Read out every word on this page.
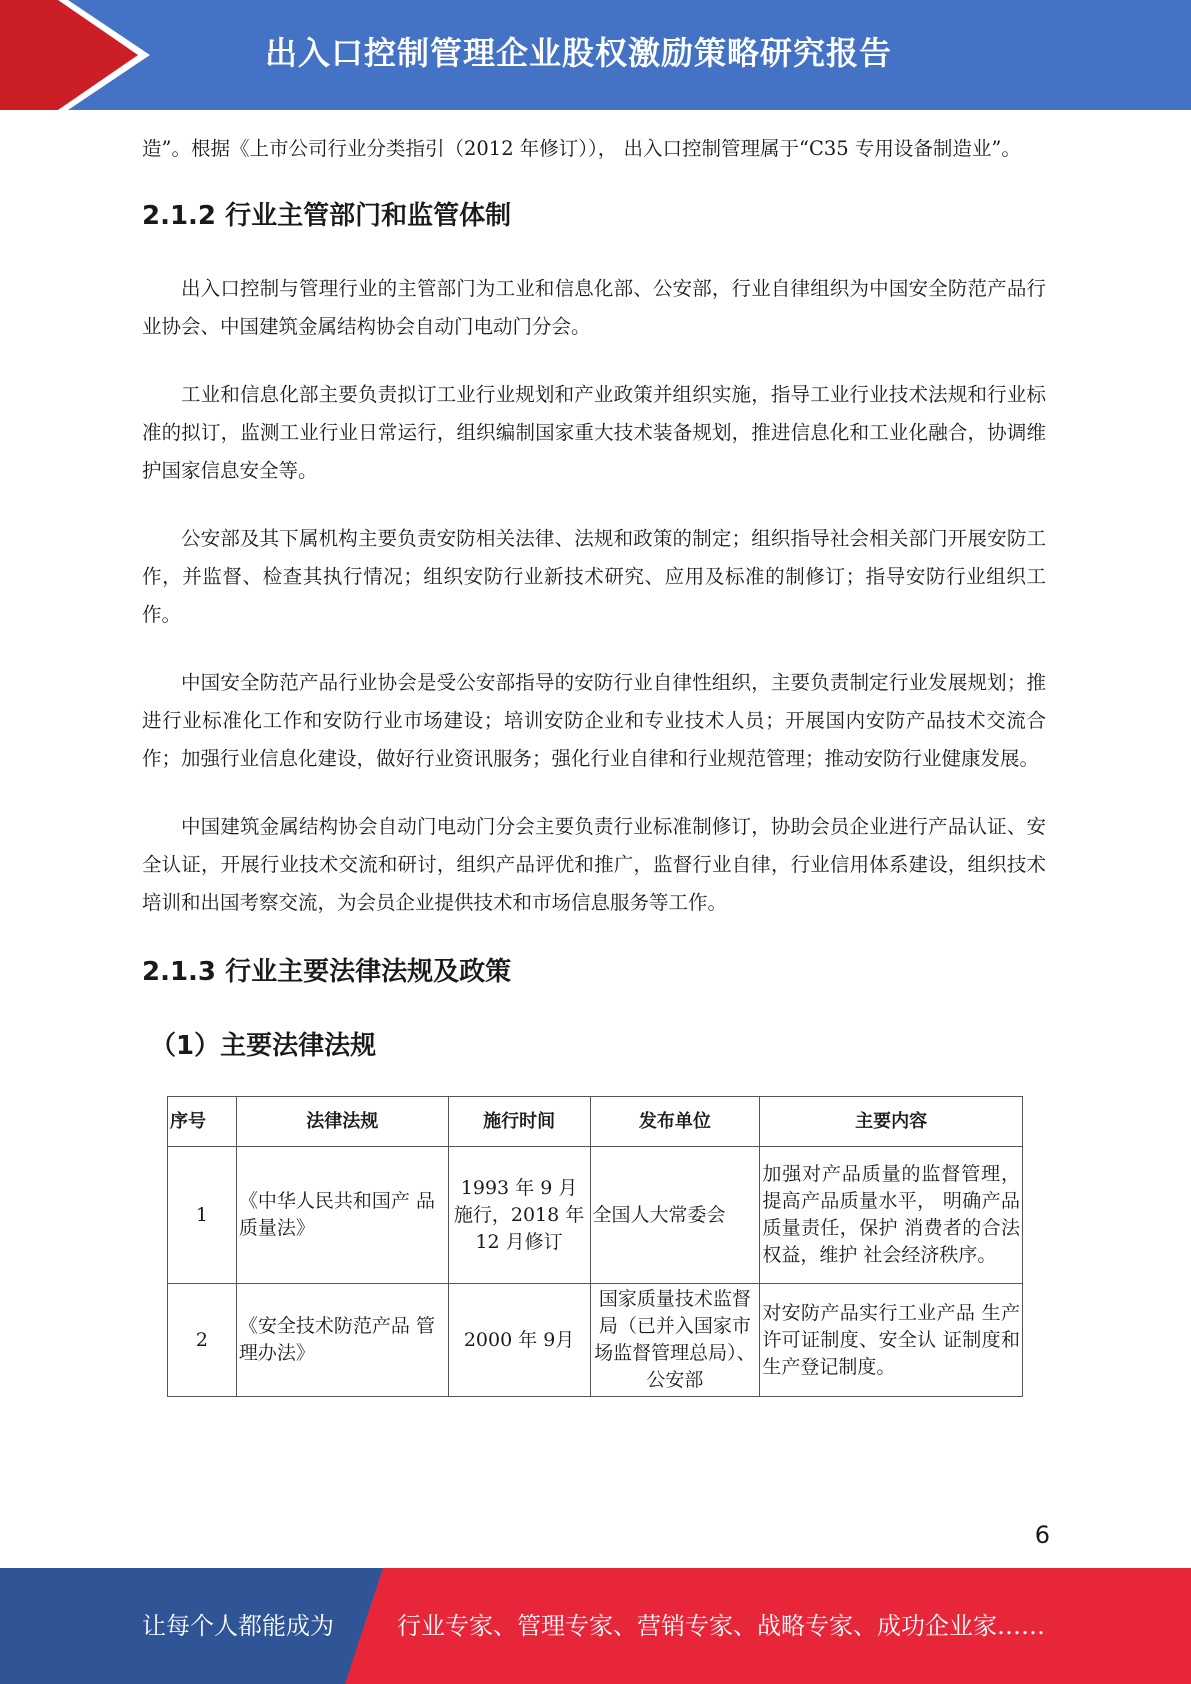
出入口控制管理企业股权激励策略研究报告

造”。根据《上市公司行业分类指引（2012 年修订））， 出入口控制管理属于“C35 专用设备制造业”。

2.1.2 行业主管部门和监管体制

出入口控制与管理行业的主管部门为工业和信息化部、公安部，行业自律组织为中国安全防范产品行业协会、中国建筑金属结构协会自动门电动门分会。

工业和信息化部主要负责拟订工业行业规划和产业政策并组织实施，指导工业行业技术法规和行业标准的拟订，监测工业行业日常运行，组织编制国家重大技术装备规划，推进信息化和工业化融合，协调维护国家信息安全等。

公安部及其下属机构主要负责安防相关法律、法规和政策的制定；组织指导社会相关部门开展安防工作，并监督、检查其执行情况；组织安防行业新技术研究、应用及标准的制修订；指导安防行业组织工作。

中国安全防范产品行业协会是受公安部指导的安防行业自律性组织，主要负责制定行业发展规划；推进行业标准化工作和安防行业市场建设；培训安防企业和专业技术人员；开展国内安防产品技术交流合作；加强行业信息化建设，做好行业资讯服务；强化行业自律和行业规范管理；推动安防行业健康发展。

中国建筑金属结构协会自动门电动门分会主要负责行业标准制修订，协助会员企业进行产品认证、安全认证，开展行业技术交流和研讨，组织产品评优和推广，监督行业自律，行业信用体系建设，组织技术培训和出国考察交流，为会员企业提供技术和市场信息服务等工作。

2.1.3 行业主要法律法规及政策
（1）主要法律法规
序号	法律法规	施行时间	发布单位	主要内容
1	《中华人民共和国产 品质量法》	1993 年 9 月 施行，2018 年 12 月修订	全国人大常委会	加强对产品质量的监督管理，提高产品质量水平， 明确产品质量责任，保护 消费者的合法权益，维护 社会经济秩序。
2	《安全技术防范产品 管理办法》	2000 年 9月	国家质量技术监督局（已并入国家市场监督管理总局）、公安部	对安防产品实行工业产品 生产许可证制度、安全认 证制度和生产登记制度。
6
让每个人都能成为	行业专家、管理专家、营销专家、战略专家、成功企业家……
